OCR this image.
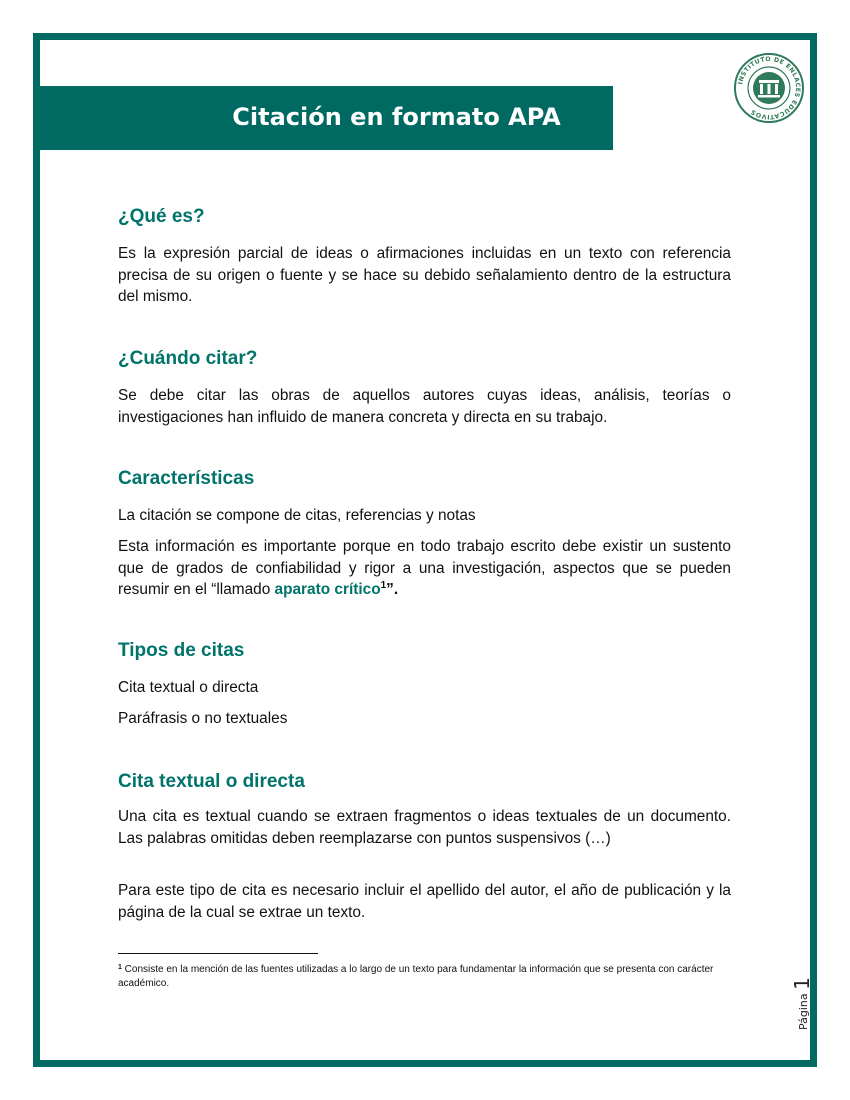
Citación en formato APA
INSTITUTO DE ENLACES EDUCATIVOS
¿Qué es?

Es la expresión parcial de ideas o afirmaciones incluidas en un texto con referencia precisa de su origen o fuente y se hace su debido señalamiento dentro de la estructura del mismo.

¿Cuándo citar?

Se debe citar las obras de aquellos autores cuyas ideas, análisis, teorías o investigaciones han influido de manera concreta y directa en su trabajo.

Características

La citación se compone de citas, referencias y notas

Esta información es importante porque en todo trabajo escrito debe existir un sustento que de grados de confiabilidad y rigor a una investigación, aspectos que se pueden resumir en el “llamado aparato crítico$^1$”.

Tipos de citas

Cita textual o directa

Paráfrasis o no textuales

Cita textual o directa

Una cita es textual cuando se extraen fragmentos o ideas textuales de un documento. Las palabras omitidas deben reemplazarse con puntos suspensivos (…)

Para este tipo de cita es necesario incluir el apellido del autor, el año de publicación y la página de la cual se extrae un texto.

$^1$ Consiste en la mención de las fuentes utilizadas a lo largo de un texto para fundamentar la información que se presenta con carácter académico.
Página 1
